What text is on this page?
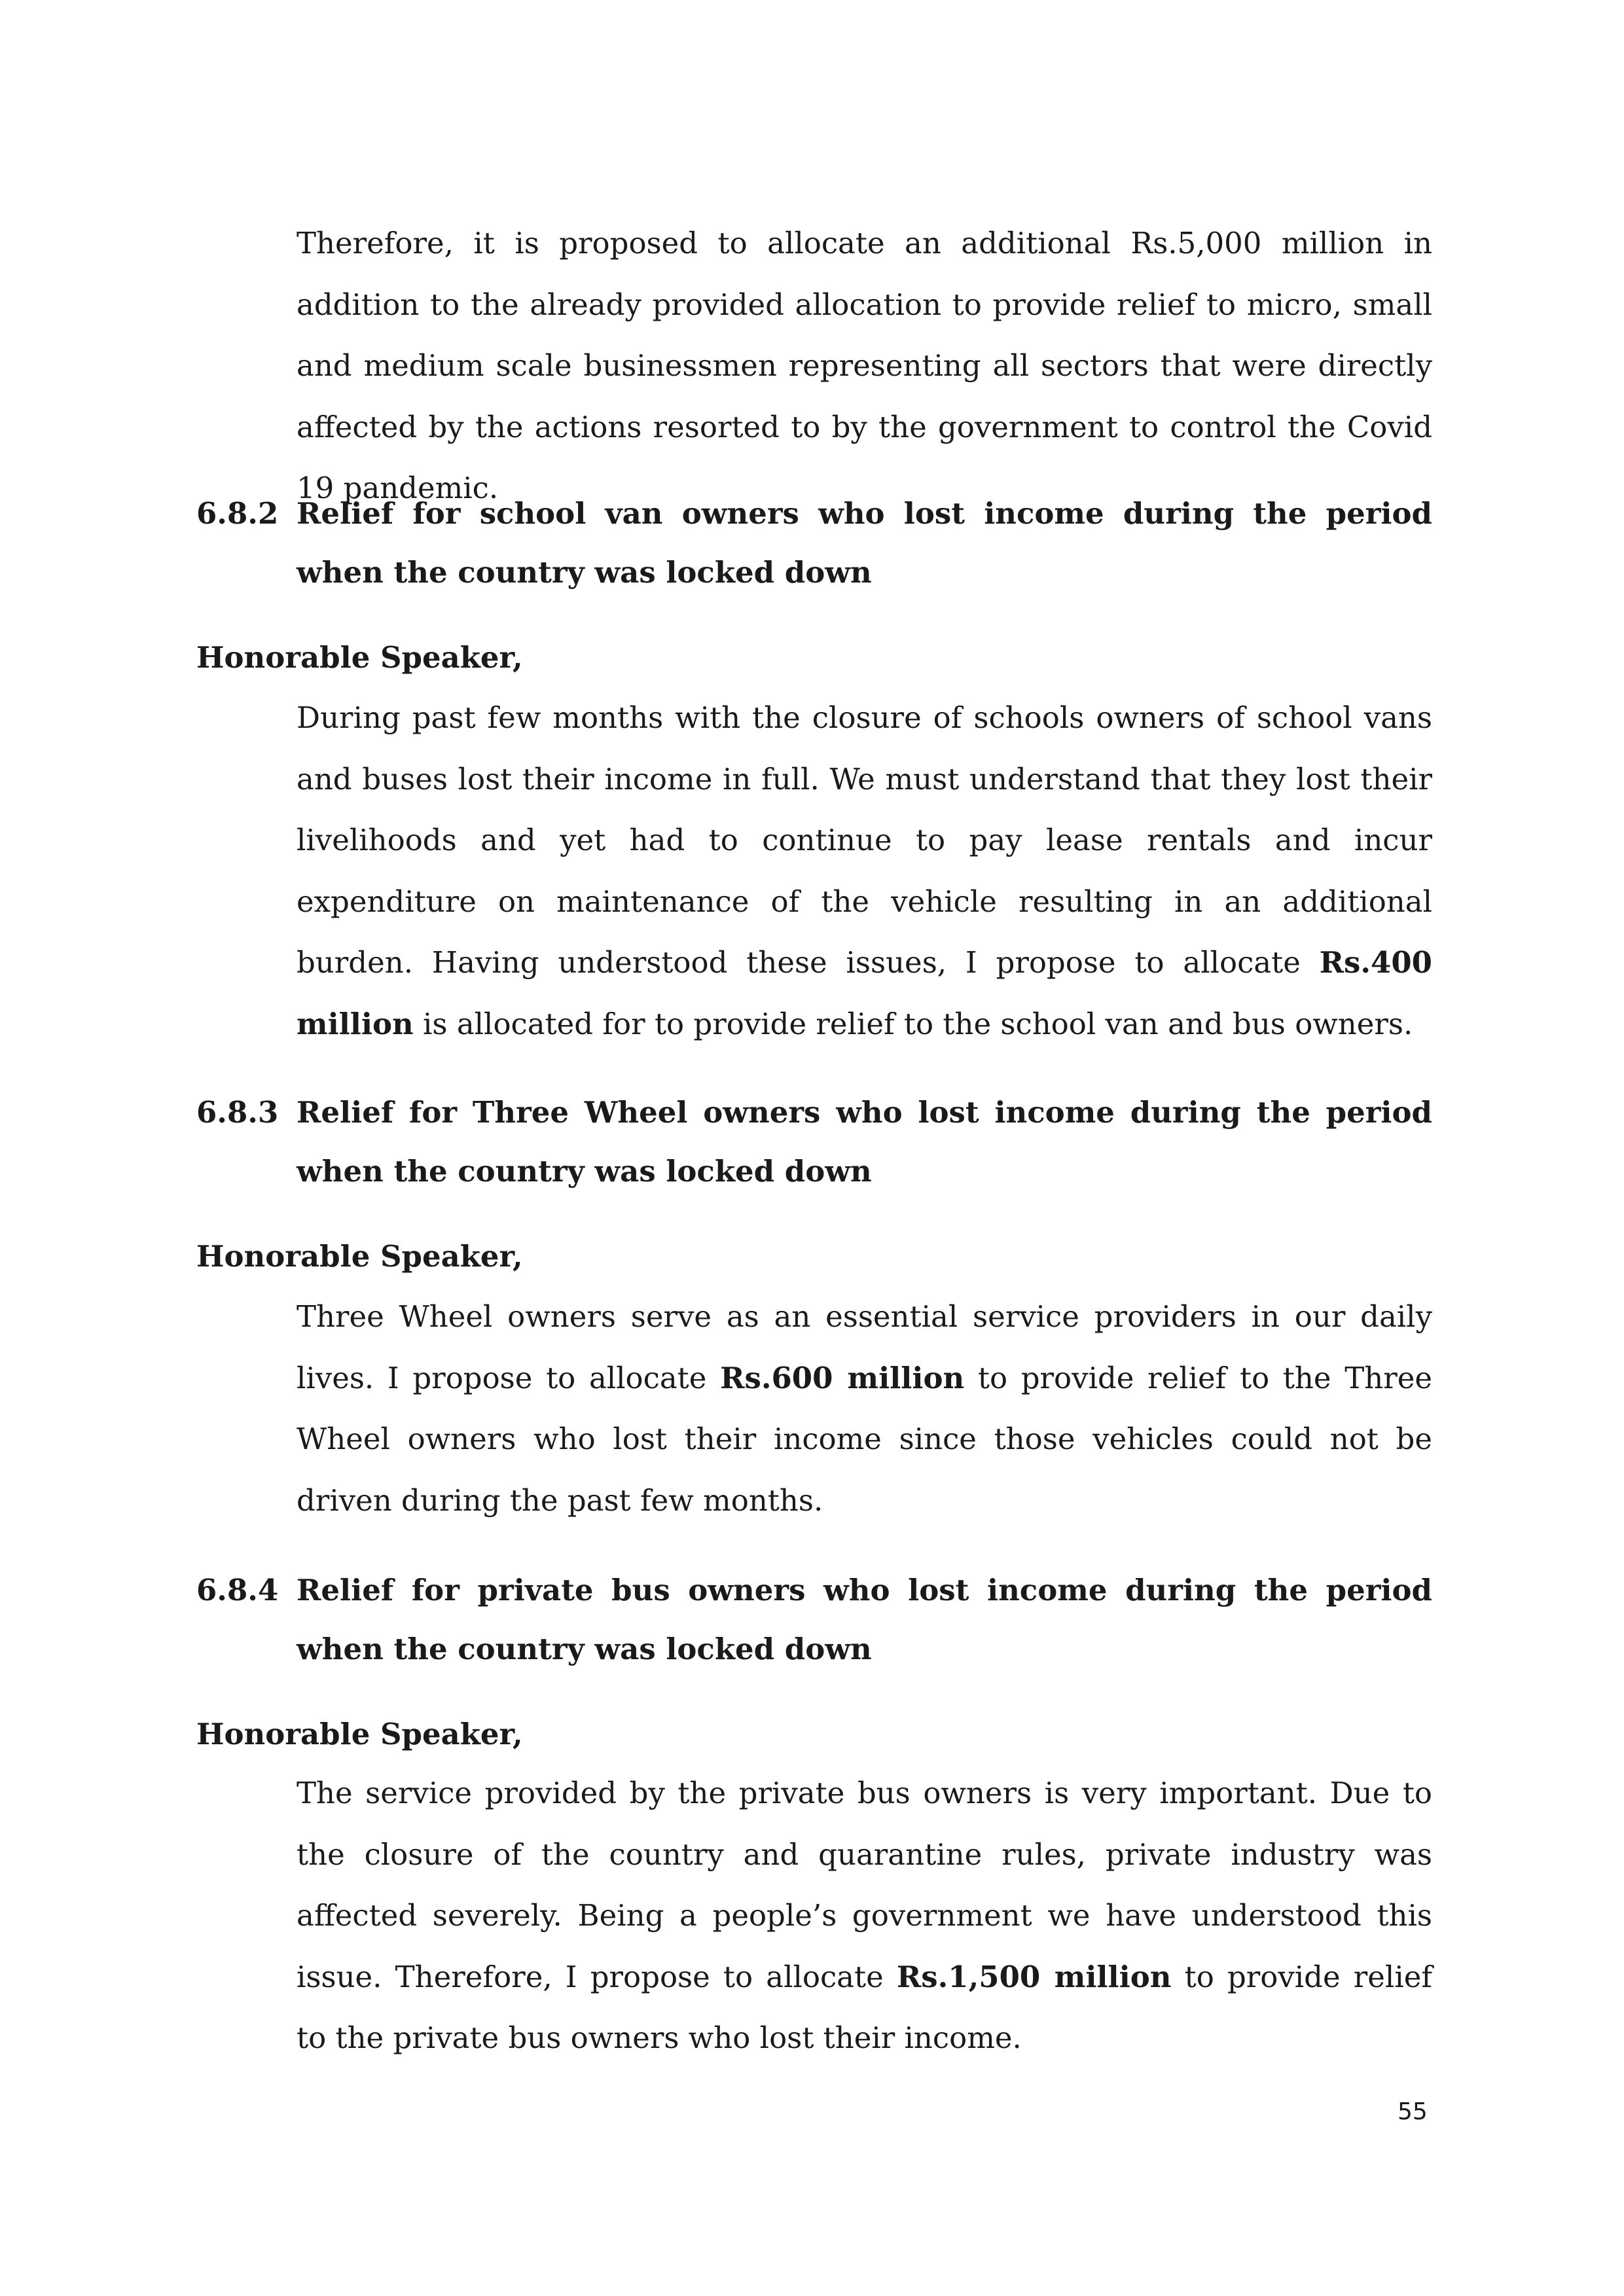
Therefore, it is proposed to allocate an additional Rs.5,000 million in addition to the already provided allocation to provide relief to micro, small and medium scale businessmen representing all sectors that were directly affected by the actions resorted to by the government to control the Covid 19 pandemic.

6.8.2 Relief for school van owners who lost income during the period when the country was locked down
Honorable Speaker,

During past few months with the closure of schools owners of school vans and buses lost their income in full. We must understand that they lost their livelihoods and yet had to continue to pay lease rentals and incur expenditure on maintenance of the vehicle resulting in an additional burden. Having understood these issues, I propose to allocate Rs.400 million is allocated for to provide relief to the school van and bus owners.

6.8.3 Relief for Three Wheel owners who lost income during the period when the country was locked down
Honorable Speaker,

Three Wheel owners serve as an essential service providers in our daily lives. I propose to allocate Rs.600 million to provide relief to the Three Wheel owners who lost their income since those vehicles could not be driven during the past few months.

6.8.4 Relief for private bus owners who lost income during the period when the country was locked down
Honorable Speaker,

The service provided by the private bus owners is very important. Due to the closure of the country and quarantine rules, private industry was affected severely. Being a people’s government we have understood this issue. Therefore, I propose to allocate Rs.1,500 million to provide relief to the private bus owners who lost their income.

55
